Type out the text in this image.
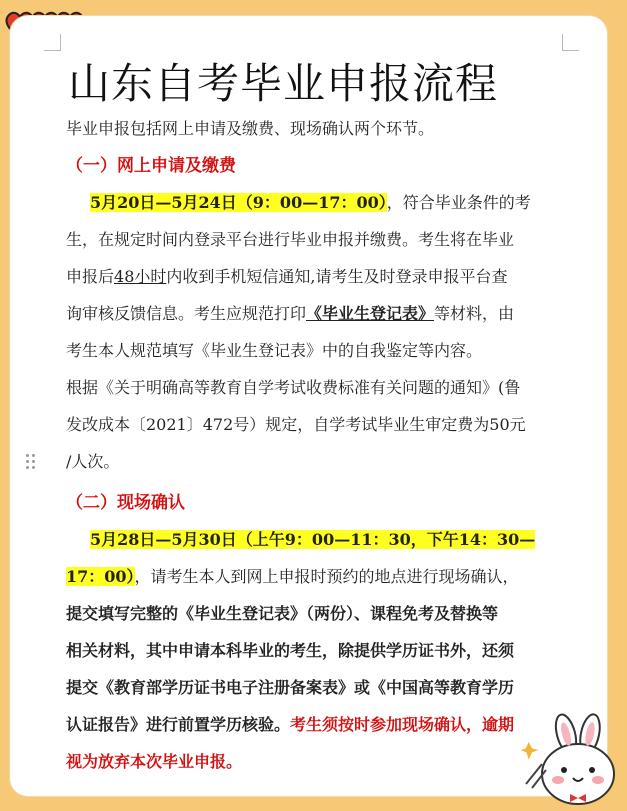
山东自考毕业申报流程
毕业申报包括网上申请及缴费、现场确认两个环节。
（一）网上申请及缴费
5月20日—5月24日（9：00—17：00），符合毕业条件的考
生，在规定时间内登录平台进行毕业申报并缴费。考生将在毕业
申报后48小时内收到手机短信通知,请考生及时登录申报平台查
询审核反馈信息。考生应规范打印《毕业生登记表》等材料，由
考生本人规范填写《毕业生登记表》中的自我鉴定等内容。
根据《关于明确高等教育自学考试收费标准有关问题的通知》(鲁
发改成本〔2021〕472号）规定，自学考试毕业生审定费为50元
/人次。
（二）现场确认
5月28日—5月30日（上午9：00—11：30，下午14：30—
17：00），请考生本人到网上申报时预约的地点进行现场确认，
提交填写完整的《毕业生登记表》（两份）、课程免考及替换等
相关材料，其中申请本科毕业的考生，除提供学历证书外，还须
提交《教育部学历证书电子注册备案表》或《中国高等教育学历
认证报告》进行前置学历核验。考生须按时参加现场确认，逾期
视为放弃本次毕业申报。
